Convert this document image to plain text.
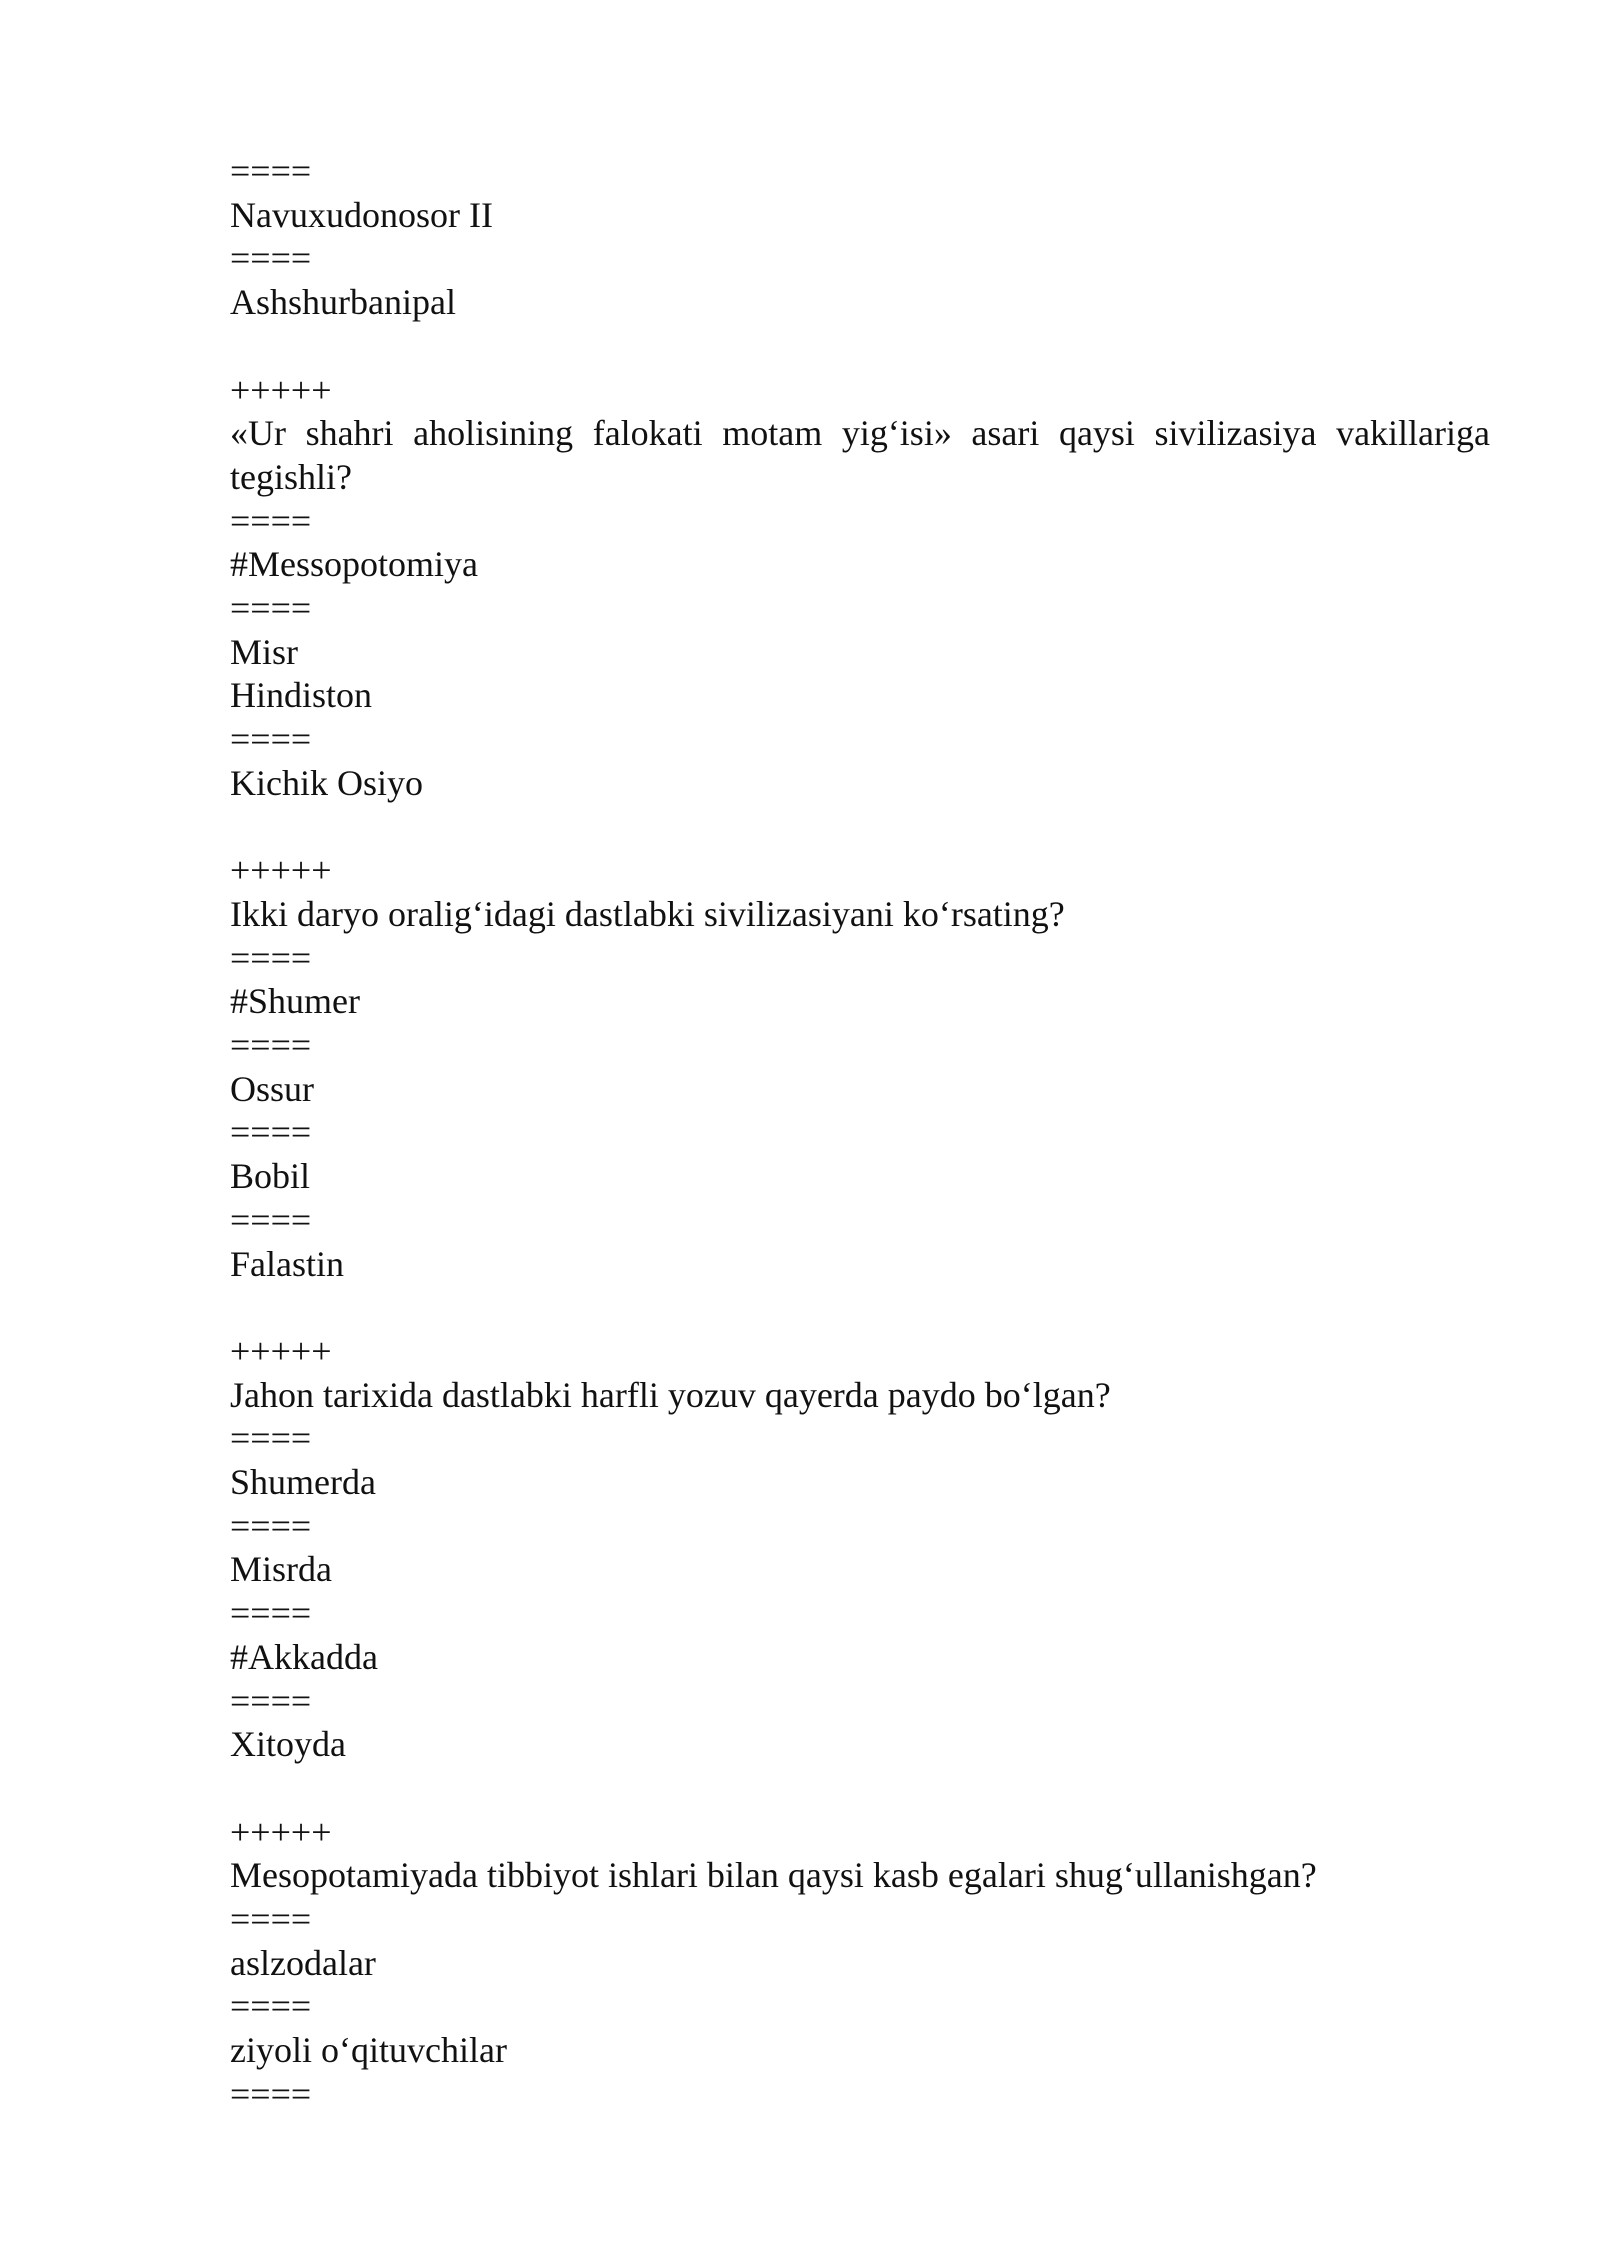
====
Navuxudonosor II
====
Ashshurbanipal
+++++
«Ur shahri aholisining falokati motam yig‘isi» asari qaysi sivilizasiya vakillariga tegishli?
====
#Messopotomiya
====
Misr
Hindiston
====
Kichik Osiyo
+++++
Ikki daryo oralig‘idagi dastlabki sivilizasiyani ko‘rsating?
====
#Shumer
====
Ossur
====
Bobil
====
Falastin
+++++
Jahon tarixida dastlabki harfli yozuv qayerda paydo bo‘lgan?
====
Shumerda
====
Misrda
====
#Akkadda
====
Xitoyda
+++++
Mesopotamiyada tibbiyot ishlari bilan qaysi kasb egalari shug‘ullanishgan?
====
aslzodalar
====
ziyoli o‘qituvchilar
====
